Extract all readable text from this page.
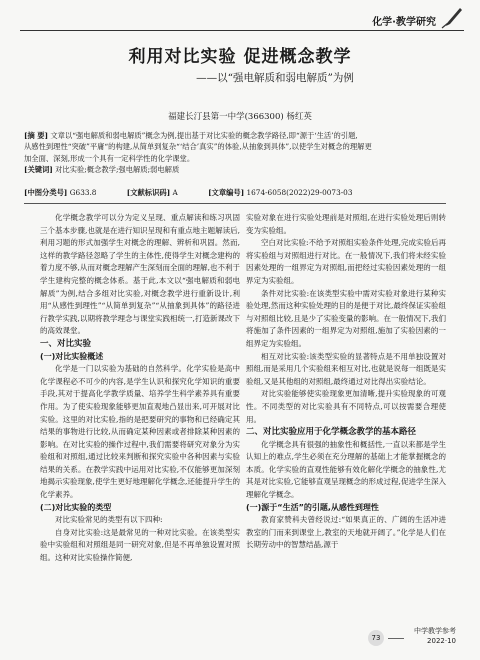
化学·教学研究
利用对比实验 促进概念教学
——以“强电解质和弱电解质”为例
福建长汀县第一中学(366300) 杨红英

[摘 要] 文章以“强电解质和弱电解质”概念为例,提出基于对比实验的概念教学路径,即“源于‘生活’的引题,

从感性到理性“突破”平庸“的构建,从简单到复杂“‘结合’真实”的体验,从抽象到具体”,以使学生对概念的理解更

加全面、深刻,形成一个具有一定科学性的化学课堂。

[关键词] 对比实验;概念教学;强电解质;弱电解质

[中图分类号] G633.8	[文献标识码] A	[文章编号] 1674-6058(2022)29-0073-03

化学概念教学可以分为定义呈现、重点解读和练习巩固三个基本步骤,也就是在进行知识呈现和有重点地主题解读后,利用习题的形式加强学生对概念的理解、辨析和巩固。然而,这样的教学路径忽略了学生的主体性,使得学生对概念建构的着力度不够,从而对概念理解产生深刻而全面的理解,也不利于学生建构完整的概念体系。基于此,本文以“强电解质和弱电解质”为例,结合多组对比实验,对概念教学进行重新设计,利用“从感性到理性”“从简单到复杂”“从抽象到具体”的路径进行教学实践,以期将教学理念与课堂实践相统一,打造新课改下的高效课堂。

一、对比实验

(一)对比实验概述

化学是一门以实验为基础的自然科学。化学实验是高中化学课程必不可少的内容,是学生认识和探究化学知识的重要手段,其对于提高化学教学质量、培养学生科学素养具有重要作用。为了使实验现象能够更加直观地凸显出来,可开展对比实验。这里的对比实验,指的是把要研究的事物和已经确定其结果的事物进行比较,从而确定某种因素或者排除某种因素的影响。在对比实验的操作过程中,我们需要将研究对象分为实验组和对照组,通过比较来判断和探究实验中各种因素与实验结果的关系。在教学实践中运用对比实验,不仅能够更加深刻地揭示实验现象,使学生更好地理解化学概念,还能提升学生的化学素养。

(二)对比实验的类型

对比实验常见的类型有以下四种:

自身对比实验:这是最常见的一种对比实验。在该类型实验中实验组和对照组是同一研究对象,但是不再单独设置对照组。这种对比实验操作简便,

实验对象在进行实验处理前是对照组,在进行实验处理后则转变为实验组。

空白对比实验:不给予对照组实验条件处理,完成实验后再将实验组与对照组进行对比。在一般情况下,我们将未经实验因素处理的一组界定为对照组,而把经过实验因素处理的一组界定为实验组。

条件对比实验:在该类型实验中需对实验对象进行某种实验处理,然而这种实验处理的目的是便于对比,最终保证实验组与对照组比较,且是少了实验变量的影响。在一般情况下,我们将施加了条件因素的一组界定为对照组,施加了实验因素的一组界定为实验组。

相互对比实验:该类型实验的显著特点是不用单独设置对照组,而是采用几个实验组来相互对比,也就是说每一组既是实验组,又是其他组的对照组,最终通过对比得出实验结论。

对比实验能够使实验现象更加清晰,提升实验现象的可观性。不同类型的对比实验具有不同特点,可以按需要合理使用。

二、对比实验应用于化学概念教学的基本路径

化学概念具有很强的抽象性和概括性,一直以来都是学生认知上的难点,学生必须在充分理解的基础上才能掌握概念的本质。化学实验的直观性能够有效化解化学概念的抽象性,尤其是对比实验,它能够直观呈现概念的形成过程,促进学生深入理解化学概念。

(一)源于“生活”的引题,从感性到理性

教育家赞科夫曾经说过:“如果真正的、广阔的生活冲进教室的门而来到课堂上,教室的天地就开阔了。”化学是人们在长期劳动中的智慧结晶,源于

73
中学教学参考
2022·10
